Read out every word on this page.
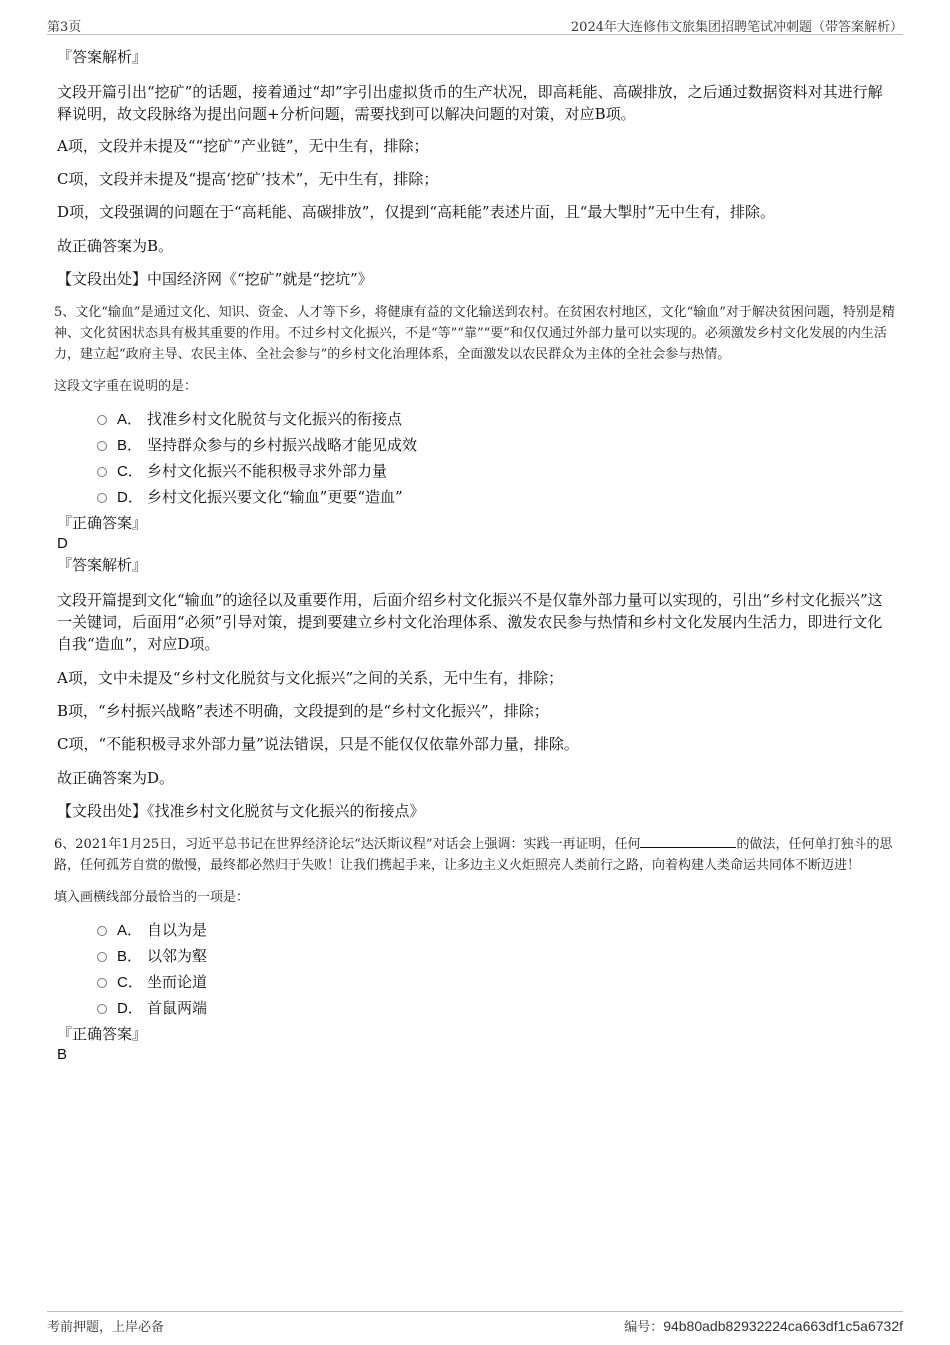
第3页	2024年大连修伟文旅集团招聘笔试冲刺题（带答案解析）

『答案解析』

文段开篇引出“挖矿”的话题，接着通过“却”字引出虚拟货币的生产状况，即高耗能、高碳排放，之后通过数据资料对其进行解释说明，故文段脉络为提出问题+分析问题，需要找到可以解决问题的对策，对应B项。

A项，文段并未提及““挖矿”产业链”，无中生有，排除；

C项，文段并未提及“提高‘挖矿’技术”，无中生有，排除；

D项，文段强调的问题在于“高耗能、高碳排放”，仅提到“高耗能”表述片面，且“最大掣肘”无中生有，排除。

故正确答案为B。

【文段出处】中国经济网《“挖矿”就是“挖坑”》

5、文化“输血”是通过文化、知识、资金、人才等下乡，将健康有益的文化输送到农村。在贫困农村地区，文化“输血”对于解决贫困问题，特别是精神、文化贫困状态具有极其重要的作用。不过乡村文化振兴，不是“等”“靠”“要”和仅仅通过外部力量可以实现的。必须激发乡村文化发展的内生活力，建立起“政府主导、农民主体、全社会参与”的乡村文化治理体系，全面激发以农民群众为主体的全社会参与热情。

这段文字重在说明的是：

A． 找准乡村文化脱贫与文化振兴的衔接点
B． 坚持群众参与的乡村振兴战略才能见成效
C． 乡村文化振兴不能积极寻求外部力量
D． 乡村文化振兴要文化“输血”更要“造血”

『正确答案』

D

『答案解析』

文段开篇提到文化“输血”的途径以及重要作用，后面介绍乡村文化振兴不是仅靠外部力量可以实现的，引出“乡村文化振兴”这一关键词，后面用“必须”引导对策，提到要建立乡村文化治理体系、激发农民参与热情和乡村文化发展内生活力，即进行文化自我“造血”，对应D项。

A项，文中未提及“乡村文化脱贫与文化振兴”之间的关系，无中生有，排除；

B项，“乡村振兴战略”表述不明确，文段提到的是“乡村文化振兴”，排除；

C项，“不能积极寻求外部力量”说法错误，只是不能仅仅依靠外部力量，排除。

故正确答案为D。

【文段出处】《找准乡村文化脱贫与文化振兴的衔接点》

6、2021年1月25日，习近平总书记在世界经济论坛“达沃斯议程”对话会上强调：实践一再证明，任何	的做法，任何单打独斗的思路，任何孤芳自赏的傲慢，最终都必然归于失败！让我们携起手来，让多边主义火炬照亮人类前行之路，向着构建人类命运共同体不断迈进！

填入画横线部分最恰当的一项是：

A． 自以为是
B． 以邻为壑
C． 坐而论道
D． 首鼠两端

『正确答案』

B

考前押题，上岸必备	编号：94b80adb82932224ca663df1c5a6732f
